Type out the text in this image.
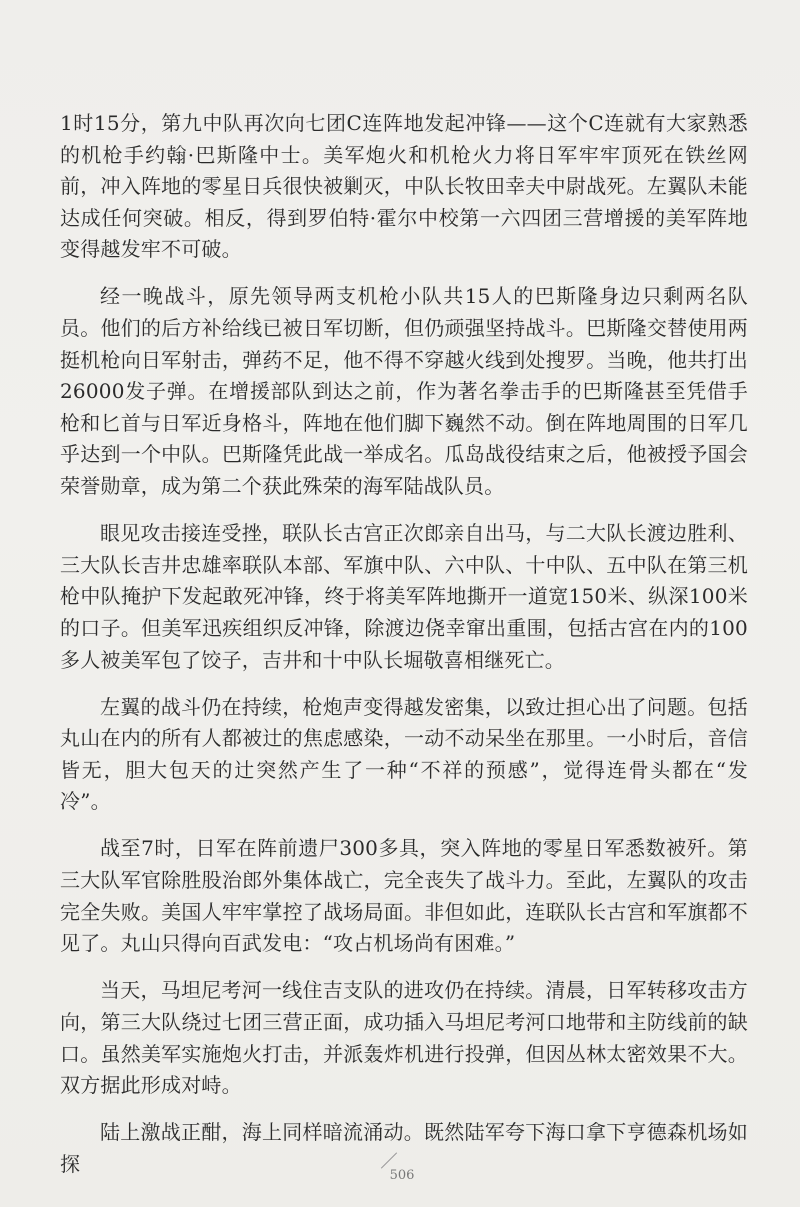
1时15分，第九中队再次向七团C连阵地发起冲锋——这个C连就有大家熟悉的机枪手约翰·巴斯隆中士。美军炮火和机枪火力将日军牢牢顶死在铁丝网前，冲入阵地的零星日兵很快被剿灭，中队长牧田幸夫中尉战死。左翼队未能达成任何突破。相反，得到罗伯特·霍尔中校第一六四团三营增援的美军阵地变得越发牢不可破。

经一晚战斗，原先领导两支机枪小队共15人的巴斯隆身边只剩两名队员。他们的后方补给线已被日军切断，但仍顽强坚持战斗。巴斯隆交替使用两挺机枪向日军射击，弹药不足，他不得不穿越火线到处搜罗。当晚，他共打出26000发子弹。在增援部队到达之前，作为著名拳击手的巴斯隆甚至凭借手枪和匕首与日军近身格斗，阵地在他们脚下巍然不动。倒在阵地周围的日军几乎达到一个中队。巴斯隆凭此战一举成名。瓜岛战役结束之后，他被授予国会荣誉勋章，成为第二个获此殊荣的海军陆战队员。

眼见攻击接连受挫，联队长古宫正次郎亲自出马，与二大队长渡边胜利、三大队长吉井忠雄率联队本部、军旗中队、六中队、十中队、五中队在第三机枪中队掩护下发起敢死冲锋，终于将美军阵地撕开一道宽150米、纵深100米的口子。但美军迅疾组织反冲锋，除渡边侥幸窜出重围，包括古宫在内的100多人被美军包了饺子，吉井和十中队长堀敬喜相继死亡。

左翼的战斗仍在持续，枪炮声变得越发密集，以致辻担心出了问题。包括丸山在内的所有人都被辻的焦虑感染，一动不动呆坐在那里。一小时后，音信皆无，胆大包天的辻突然产生了一种“不祥的预感”，觉得连骨头都在“发冷”。

战至7时，日军在阵前遗尸300多具，突入阵地的零星日军悉数被歼。第三大队军官除胜股治郎外集体战亡，完全丧失了战斗力。至此，左翼队的攻击完全失败。美国人牢牢掌控了战场局面。非但如此，连联队长古宫和军旗都不见了。丸山只得向百武发电：“攻占机场尚有困难。”

当天，马坦尼考河一线住吉支队的进攻仍在持续。清晨，日军转移攻击方向，第三大队绕过七团三营正面，成功插入马坦尼考河口地带和主防线前的缺口。虽然美军实施炮火打击，并派轰炸机进行投弹，但因丛林太密效果不大。双方据此形成对峙。

陆上激战正酣，海上同样暗流涌动。既然陆军夸下海口拿下亨德森机场如探	506
